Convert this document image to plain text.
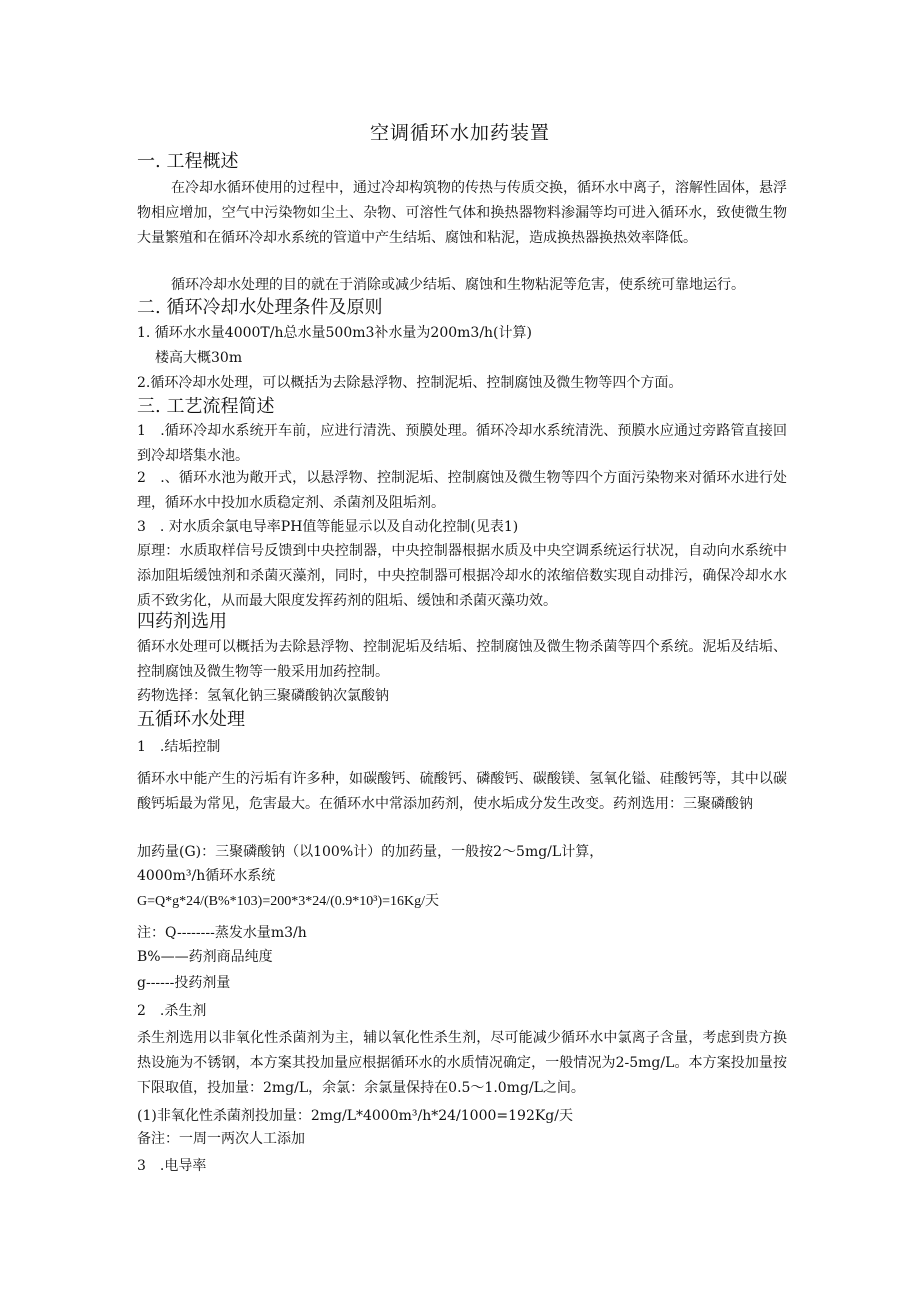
空调循环水加药装置
一. 工程概述
在冷却水循环使用的过程中，通过冷却构筑物的传热与传质交换，循环水中离子，溶解性固体，悬浮物相应增加，空气中污染物如尘土、杂物、可溶性气体和换热器物料渗漏等均可进入循环水，致使微生物大量繁殖和在循环冷却水系统的管道中产生结垢、腐蚀和粘泥，造成换热器换热效率降低。
循环冷却水处理的目的就在于消除或减少结垢、腐蚀和生物粘泥等危害，使系统可靠地运行。
二. 循环冷却水处理条件及原则
1. 循环水水量4000T/h总水量500m3补水量为200m3/h(计算)
楼高大概30m
2.循环冷却水处理，可以概括为去除悬浮物、控制泥垢、控制腐蚀及微生物等四个方面。
三. 工艺流程简述
1　.循环冷却水系统开车前，应进行清洗、预膜处理。循环冷却水系统清洗、预膜水应通过旁路管直接回到冷却塔集水池。
2　.、循环水池为敞开式，以悬浮物、控制泥垢、控制腐蚀及微生物等四个方面污染物来对循环水进行处理，循环水中投加水质稳定剂、杀菌剂及阻垢剂。
3　. 对水质余氯电导率PH值等能显示以及自动化控制(见表1)
原理：水质取样信号反馈到中央控制器，中央控制器根据水质及中央空调系统运行状况，自动向水系统中添加阻垢缓蚀剂和杀菌灭藻剂，同时，中央控制器可根据冷却水的浓缩倍数实现自动排污，确保冷却水水质不致劣化，从而最大限度发挥药剂的阻垢、缓蚀和杀菌灭藻功效。
四药剂选用
循环水处理可以概括为去除悬浮物、控制泥垢及结垢、控制腐蚀及微生物杀菌等四个系统。泥垢及结垢、控制腐蚀及微生物等一般采用加药控制。
药物选择：氢氧化钠三聚磷酸钠次氯酸钠
五循环水处理
1　.结垢控制
循环水中能产生的污垢有许多种，如碳酸钙、硫酸钙、磷酸钙、碳酸镁、氢氧化镒、硅酸钙等，其中以碳酸钙垢最为常见，危害最大。在循环水中常添加药剂，使水垢成分发生改变。药剂选用：三聚磷酸钠
加药量(G)：三聚磷酸钠（以100%计）的加药量，一般按2～5mg/L计算，
4000m³/h循环水系统
G=Q*g*24/(B%*103)=200*3*24/(0.9*10³)=16Kg/天
注：Q--------蒸发水量m3/h
B%——药剂商品纯度
g------投药剂量
2　.杀生剂
杀生剂选用以非氧化性杀菌剂为主，辅以氧化性杀生剂，尽可能减少循环水中氯离子含量，考虑到贵方换热设施为不锈钢，本方案其投加量应根据循环水的水质情况确定，一般情况为2-5mg/L。本方案投加量按下限取值，投加量：2mg/L，余氯：余氯量保持在0.5～1.0mg/L之间。
(1)非氧化性杀菌剂投加量：2mg/L*4000m³/h*24/1000=192Kg/天
备注：一周一两次人工添加
3　.电导率
